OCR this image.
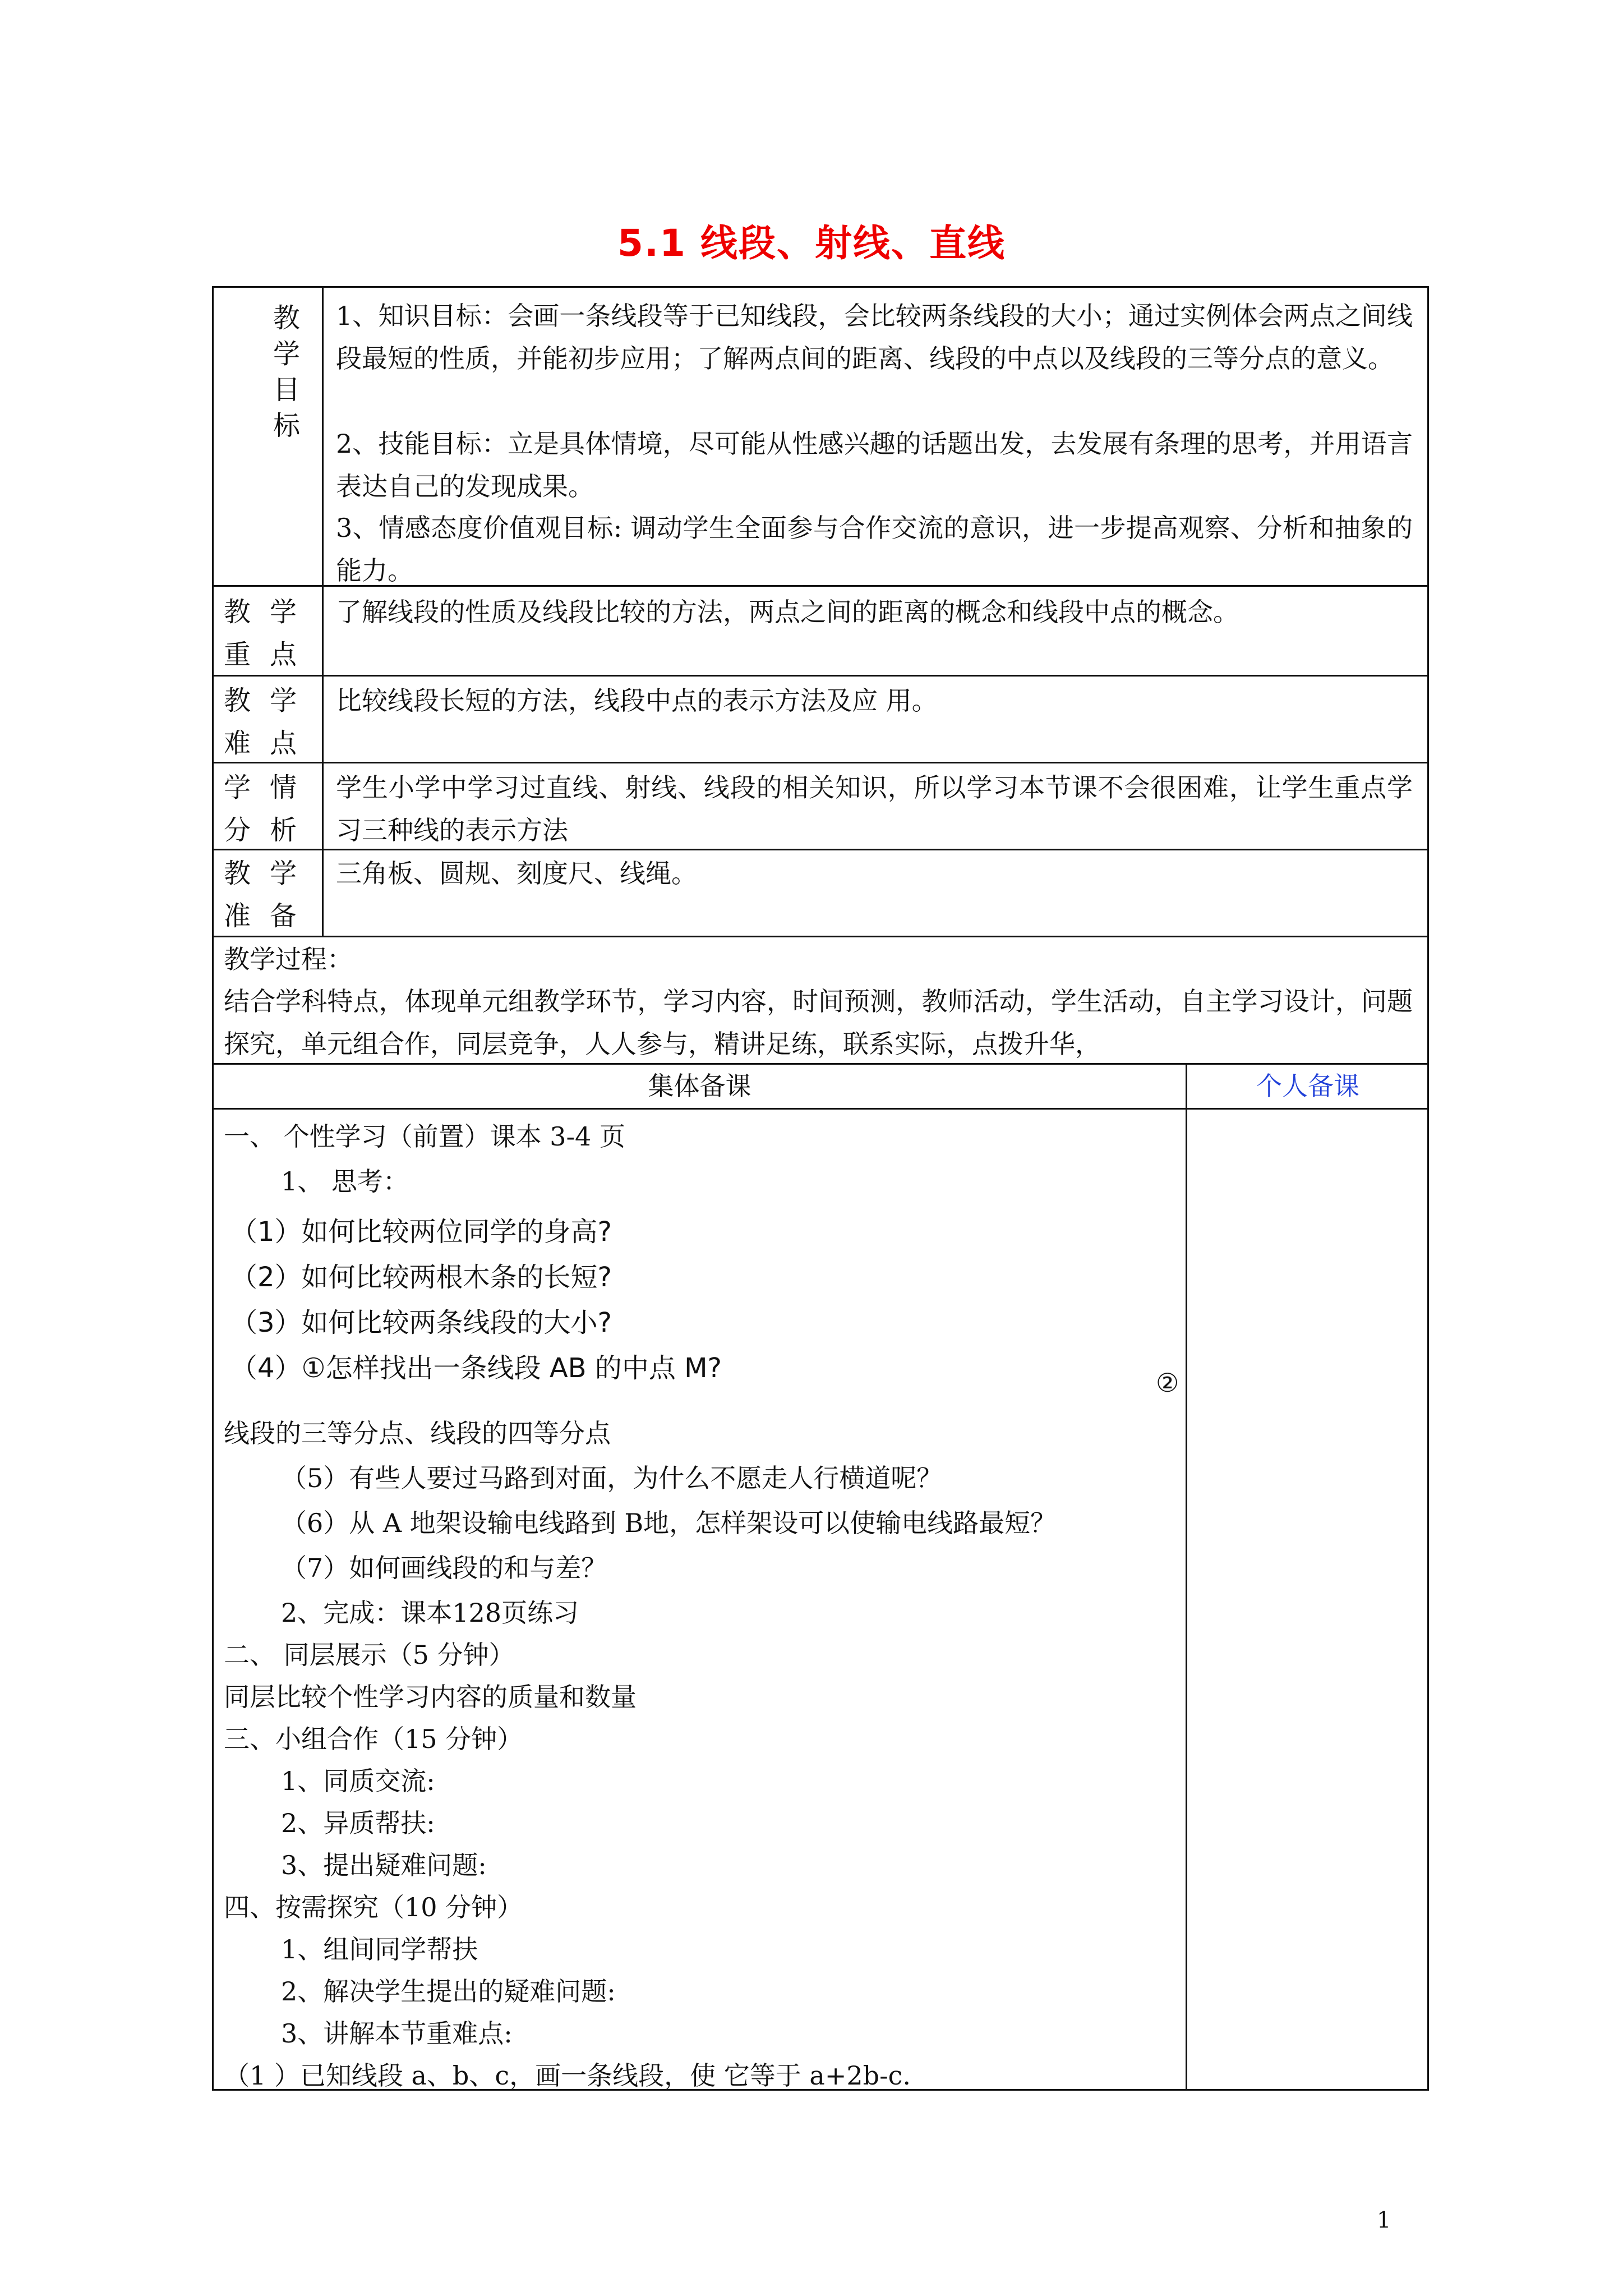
5.1 线段、射线、直线
教学目标
1、知识目标：会画一条线段等于已知线段，会比较两条线段的大小；通过实例体会两点之间线段最短的性质，并能初步应用；了解两点间的距离、线段的中点以及线段的三等分点的意义。
2、技能目标：立是具体情境，尽可能从性感兴趣的话题出发，去发展有条理的思考，并用语言表达自己的发现成果。
3、情感态度价值观目标: 调动学生全面参与合作交流的意识，进一步提高观察、分析和抽象的能力。
教 学 重点
了解线段的性质及线段比较的方法，两点之间的距离的概念和线段中点的概念。
教 学 难点
比较线段长短的方法，线段中点的表示方法及应 用。
学 情 分析
学生小学中学习过直线、射线、线段的相关知识，所以学习本节课不会很困难，让学生重点学习三种线的表示方法
教 学 准备
三角板、圆规、刻度尺、线绳。
教学过程：
结合学科特点，体现单元组教学环节，学习内容，时间预测，教师活动，学生活动，自主学习设计，问题探究，单元组合作，同层竞争，人人参与，精讲足练，联系实际，点拨升华，
集体备课	个人备课
一、 个性学习（前置）课本 3-4 页
1、 思考：
（1）如何比较两位同学的身高?
（2）如何比较两根木条的长短?
（3）如何比较两条线段的大小?
（4）①怎样找出一条线段 AB 的中点 M?	②
线段的三等分点、线段的四等分点
（5）有些人要过马路到对面，为什么不愿走人行横道呢？
（6）从 A 地架设输电线路到 B地，怎样架设可以使输电线路最短？
（7）如何画线段的和与差？
2、完成：课本128页练习
二、 同层展示（5 分钟）
同层比较个性学习内容的质量和数量
三、小组合作（15 分钟）
1、同质交流:
2、异质帮扶:
3、提出疑难问题:
四、按需探究（10 分钟）
1、组间同学帮扶
2、解决学生提出的疑难问题:
3、讲解本节重难点:
（1 ）已知线段 a、b、c，画一条线段，使 它等于 a+2b-c.
1
